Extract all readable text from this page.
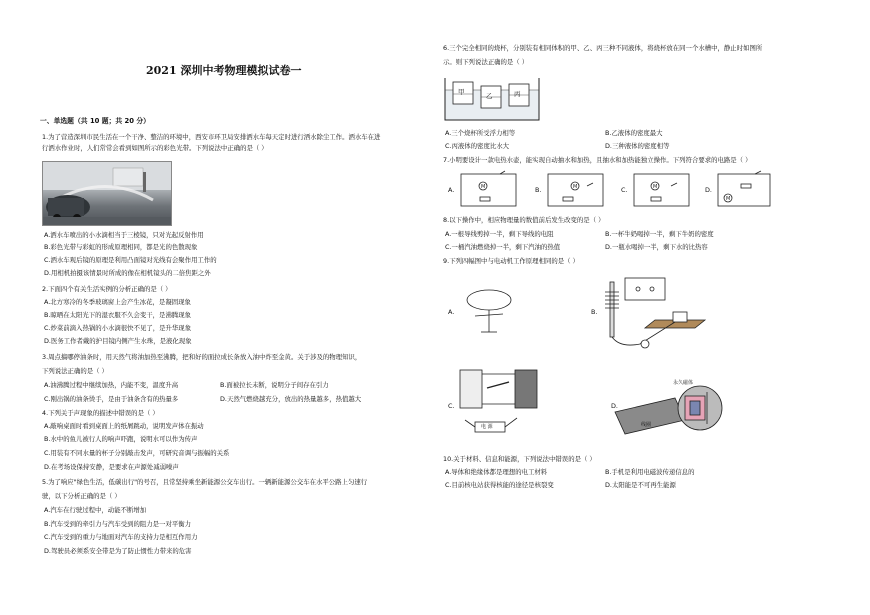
2021 深圳中考物理模拟试卷一
一、单选题（共 10 题；共 20 分）
1.为了营造深圳市民生活在一个干净、整洁的环境中，西安市环卫局安排洒水车每天定时进行洒水除尘工作。洒水车在进
行洒水作业时，人们常常会看到如图所示的彩色光带。下列说法中正确的是（ ）
A.洒水车喷出的小水滴相当于三棱镜，只对光起反射作用
B.彩色光带与彩虹的形成原理相同，都是光的色散现象
C.洒水车观后镜的原理是利用凸面镜对光线有会聚作用工作的
D.用相机拍摄该情景时所成的像在相机镜头的二倍焦距之外
2.下面四个有关生活实例的分析正确的是（ ）
A.北方寒冷的冬季玻璃窗上会产生冰花，是凝固现象
B.晾晒在太阳光下的湿衣服不久会变干，是沸腾现象
C.炒菜前滴入热锅的小水滴很快不见了，是升华现象
D.医务工作者戴的护目镜内侧产生水珠，是液化现象
3.周点搞哪停油条时，用天然气将油加热至沸腾，把和好的面拉成长条放入油中炸至金黄。关于涉及的物理知识，
下列说法正确的是（ ）
A.油沸腾过程中继续加热，内能不变，温度升高	B.面被拉长未断，说明分子间存在引力
C.刚出锅的油条烫手，是由于油条含有的热量多	D.天然气燃烧越充分，放出的热量越多，热值越大
4.下列关于声现象的描述中错误的是（ ）
A.敲响桌面时看到桌面上的纸屑跳动，说明发声体在振动
B.水中的鱼儿被行人的响声吓跑，说明水可以作为传声
C.用装有不同水量的杯子分别敲击发声，可研究音调与振幅的关系
D.在考场设保持安静，是要求在声源处减弱噪声
5.为了响应"绿色生活，低碳出行"的号召，且常坚持乘坐新能源公交车出行。一辆新能源公交车在水平公路上匀速行
驶，以下分析正确的是（ ）
A.汽车在行驶过程中，动能不断增加
B.汽车受到的牵引力与汽车受到的阻力是一对平衡力
C.汽车受到的重力与地面对汽车的支持力是相互作用力
D.驾驶员必须系安全带是为了防止惯性力带来的危害
6.三个完全相同的烧杯，分别装有相同体积的甲、乙、丙三种不同液体，将烧杯放在同一个水槽中，静止时如图所
示。则下列说法正确的是（ ）
甲	乙	丙
A.三个烧杯所受浮力相等	B.乙液体的密度最大
C.丙液体的密度比水大	D.三种液体的密度相等
7.小明要设计一款电热水壶，能实现自动抽水和加热，且抽水和加热能独立操作。下列符合要求的电路是（ ）
A.	B.	C.	D.
M	M	M
M
8.以下操作中，相应物理量的数值前后发生改变的是（ ）
A.一根导线剪掉一半，剩下导线的电阻	B.一杯牛奶喝掉一半，剩下牛奶的密度
C.一桶汽油燃烧掉一半，剩下汽油的热值	D.一瓶水喝掉一半，剩下水的比热容
9.下列四幅图中与电动机工作原理相同的是（ ）
A.	B.
C.	D.
永久磁体
线圈
电 源
10.关于材料、信息和能源，下列说法中错误的是（ ）
A.导体和绝缘体都是理想的电工材料	B.手机是利用电磁波传递信息的
C.目前核电站获得核能的途径是核裂变	D.太阳能是不可再生能源
